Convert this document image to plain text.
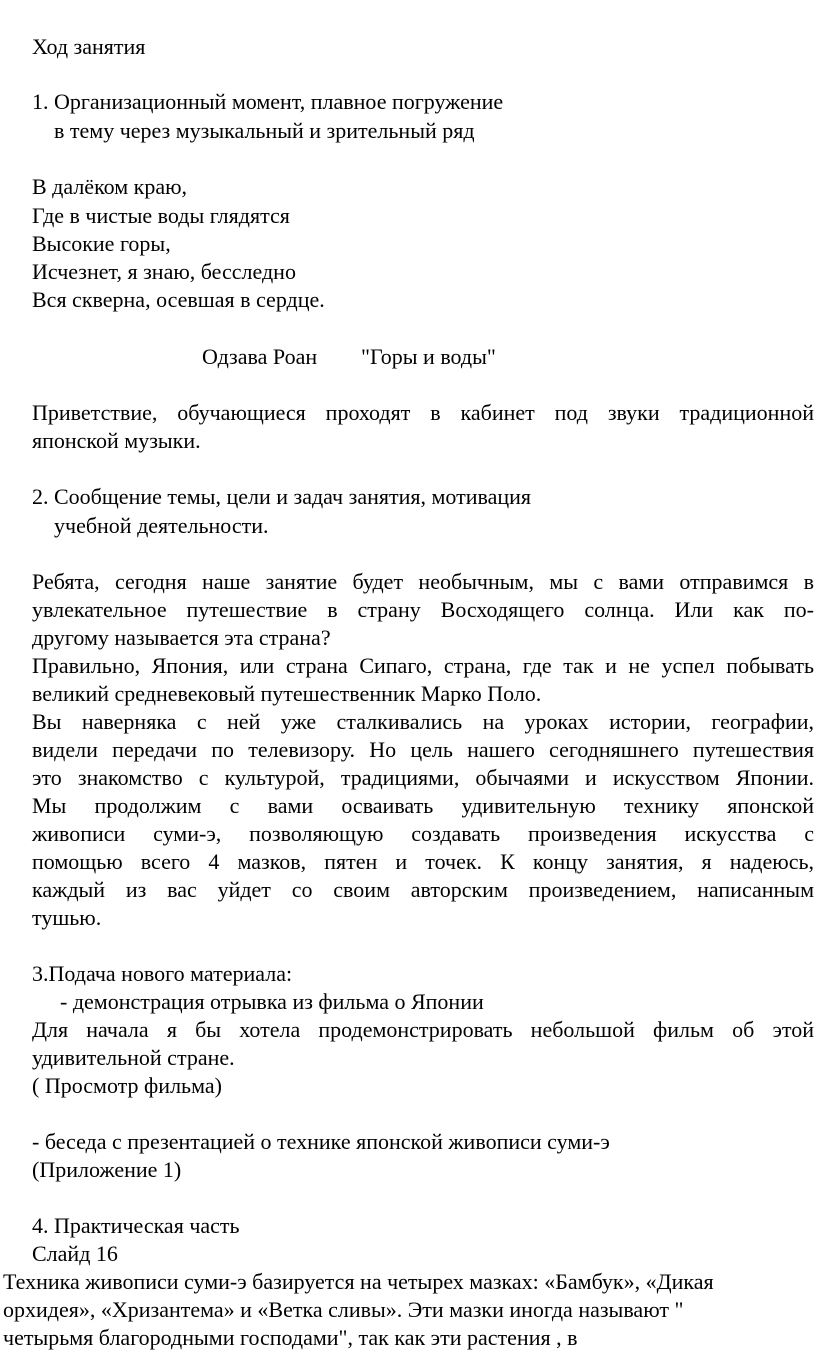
Ход занятия

1. Организационный момент, плавное погружение

в тему через музыкальный и зрительный ряд

В далёком краю,

Где в чистые воды глядятся

Высокие горы,

Исчезнет, я знаю, бесследно

Вся скверна, осевшая в сердце.

Одзава Роан "Горы и воды"

Приветствие, обучающиеся проходят в кабинет под звуки традиционной

японской музыки.

2. Сообщение темы, цели и задач занятия, мотивация

учебной деятельности.

Ребята, сегодня наше занятие будет необычным, мы с вами отправимся в

увлекательное путешествие в страну Восходящего солнца. Или как по-

другому называется эта страна?

Правильно, Япония, или страна Сипаго, страна, где так и не успел побывать

великий средневековый путешественник Марко Поло.

Вы наверняка с ней уже сталкивались на уроках истории, географии,

видели передачи по телевизору. Но цель нашего сегодняшнего путешествия

это знакомство с культурой, традициями, обычаями и искусством Японии.

Мы продолжим с вами осваивать удивительную технику японской

живописи суми-э, позволяющую создавать произведения искусства с

помощью всего 4 мазков, пятен и точек. К концу занятия, я надеюсь,

каждый из вас уйдет со своим авторским произведением, написанным

тушью.

3.Подача нового материала:

- демонстрация отрывка из фильма о Японии

Для начала я бы хотела продемонстрировать небольшой фильм об этой

удивительной стране.

( Просмотр фильма)

- беседа с презентацией о технике японской живописи суми-э

(Приложение 1)

4. Практическая часть

Слайд 16

Техника живописи суми-э базируется на четырех мазках: «Бамбук», «Дикая

орхидея», «Хризантема» и «Ветка сливы». Эти мазки иногда называют "

четырьмя благородными господами", так как эти растения , в
